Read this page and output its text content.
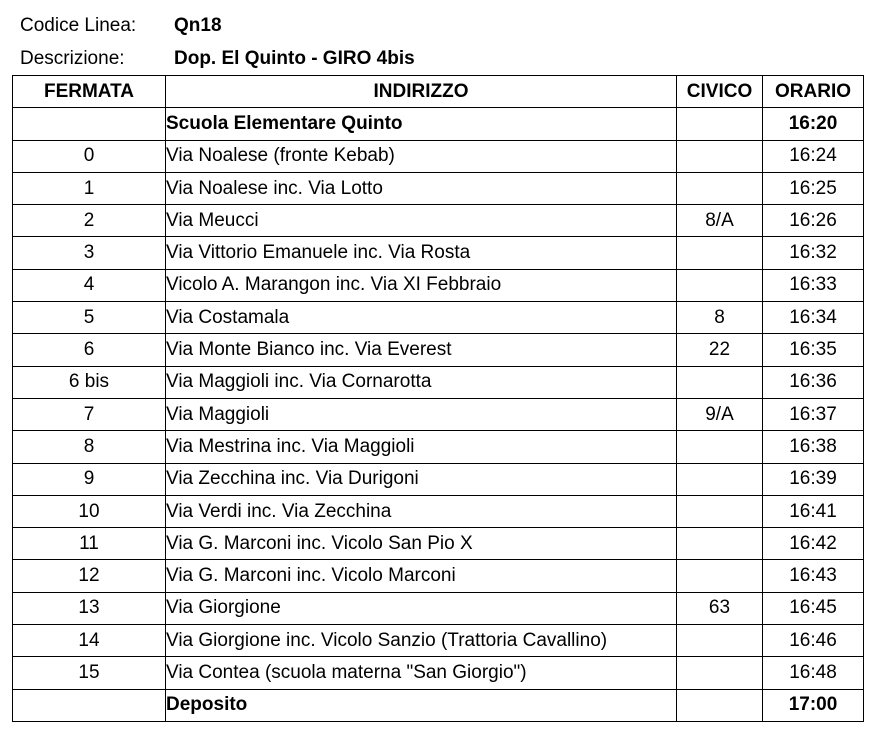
Codice Linea: Qn18
Descrizione:	Dop. El Quinto - GIRO 4bis
FERMATA	INDIRIZZO	CIVICO	ORARIO
	Scuola Elementare Quinto		16:20
0	Via Noalese (fronte Kebab)		16:24
1	Via Noalese inc. Via Lotto		16:25
2	Via Meucci	8/A	16:26
3	Via Vittorio Emanuele inc. Via Rosta		16:32
4	Vicolo A. Marangon inc. Via XI Febbraio		16:33
5	Via Costamala	8	16:34
6	Via Monte Bianco inc. Via Everest	22	16:35
6 bis	Via Maggioli inc. Via Cornarotta		16:36
7	Via Maggioli	9/A	16:37
8	Via Mestrina inc. Via Maggioli		16:38
9	Via Zecchina inc. Via Durigoni		16:39
10	Via Verdi inc. Via Zecchina		16:41
11	Via G. Marconi inc. Vicolo San Pio X		16:42
12	Via G. Marconi inc. Vicolo Marconi		16:43
13	Via Giorgione	63	16:45
14	Via Giorgione inc. Vicolo Sanzio (Trattoria Cavallino)		16:46
15	Via Contea (scuola materna "San Giorgio")		16:48
	Deposito		17:00
